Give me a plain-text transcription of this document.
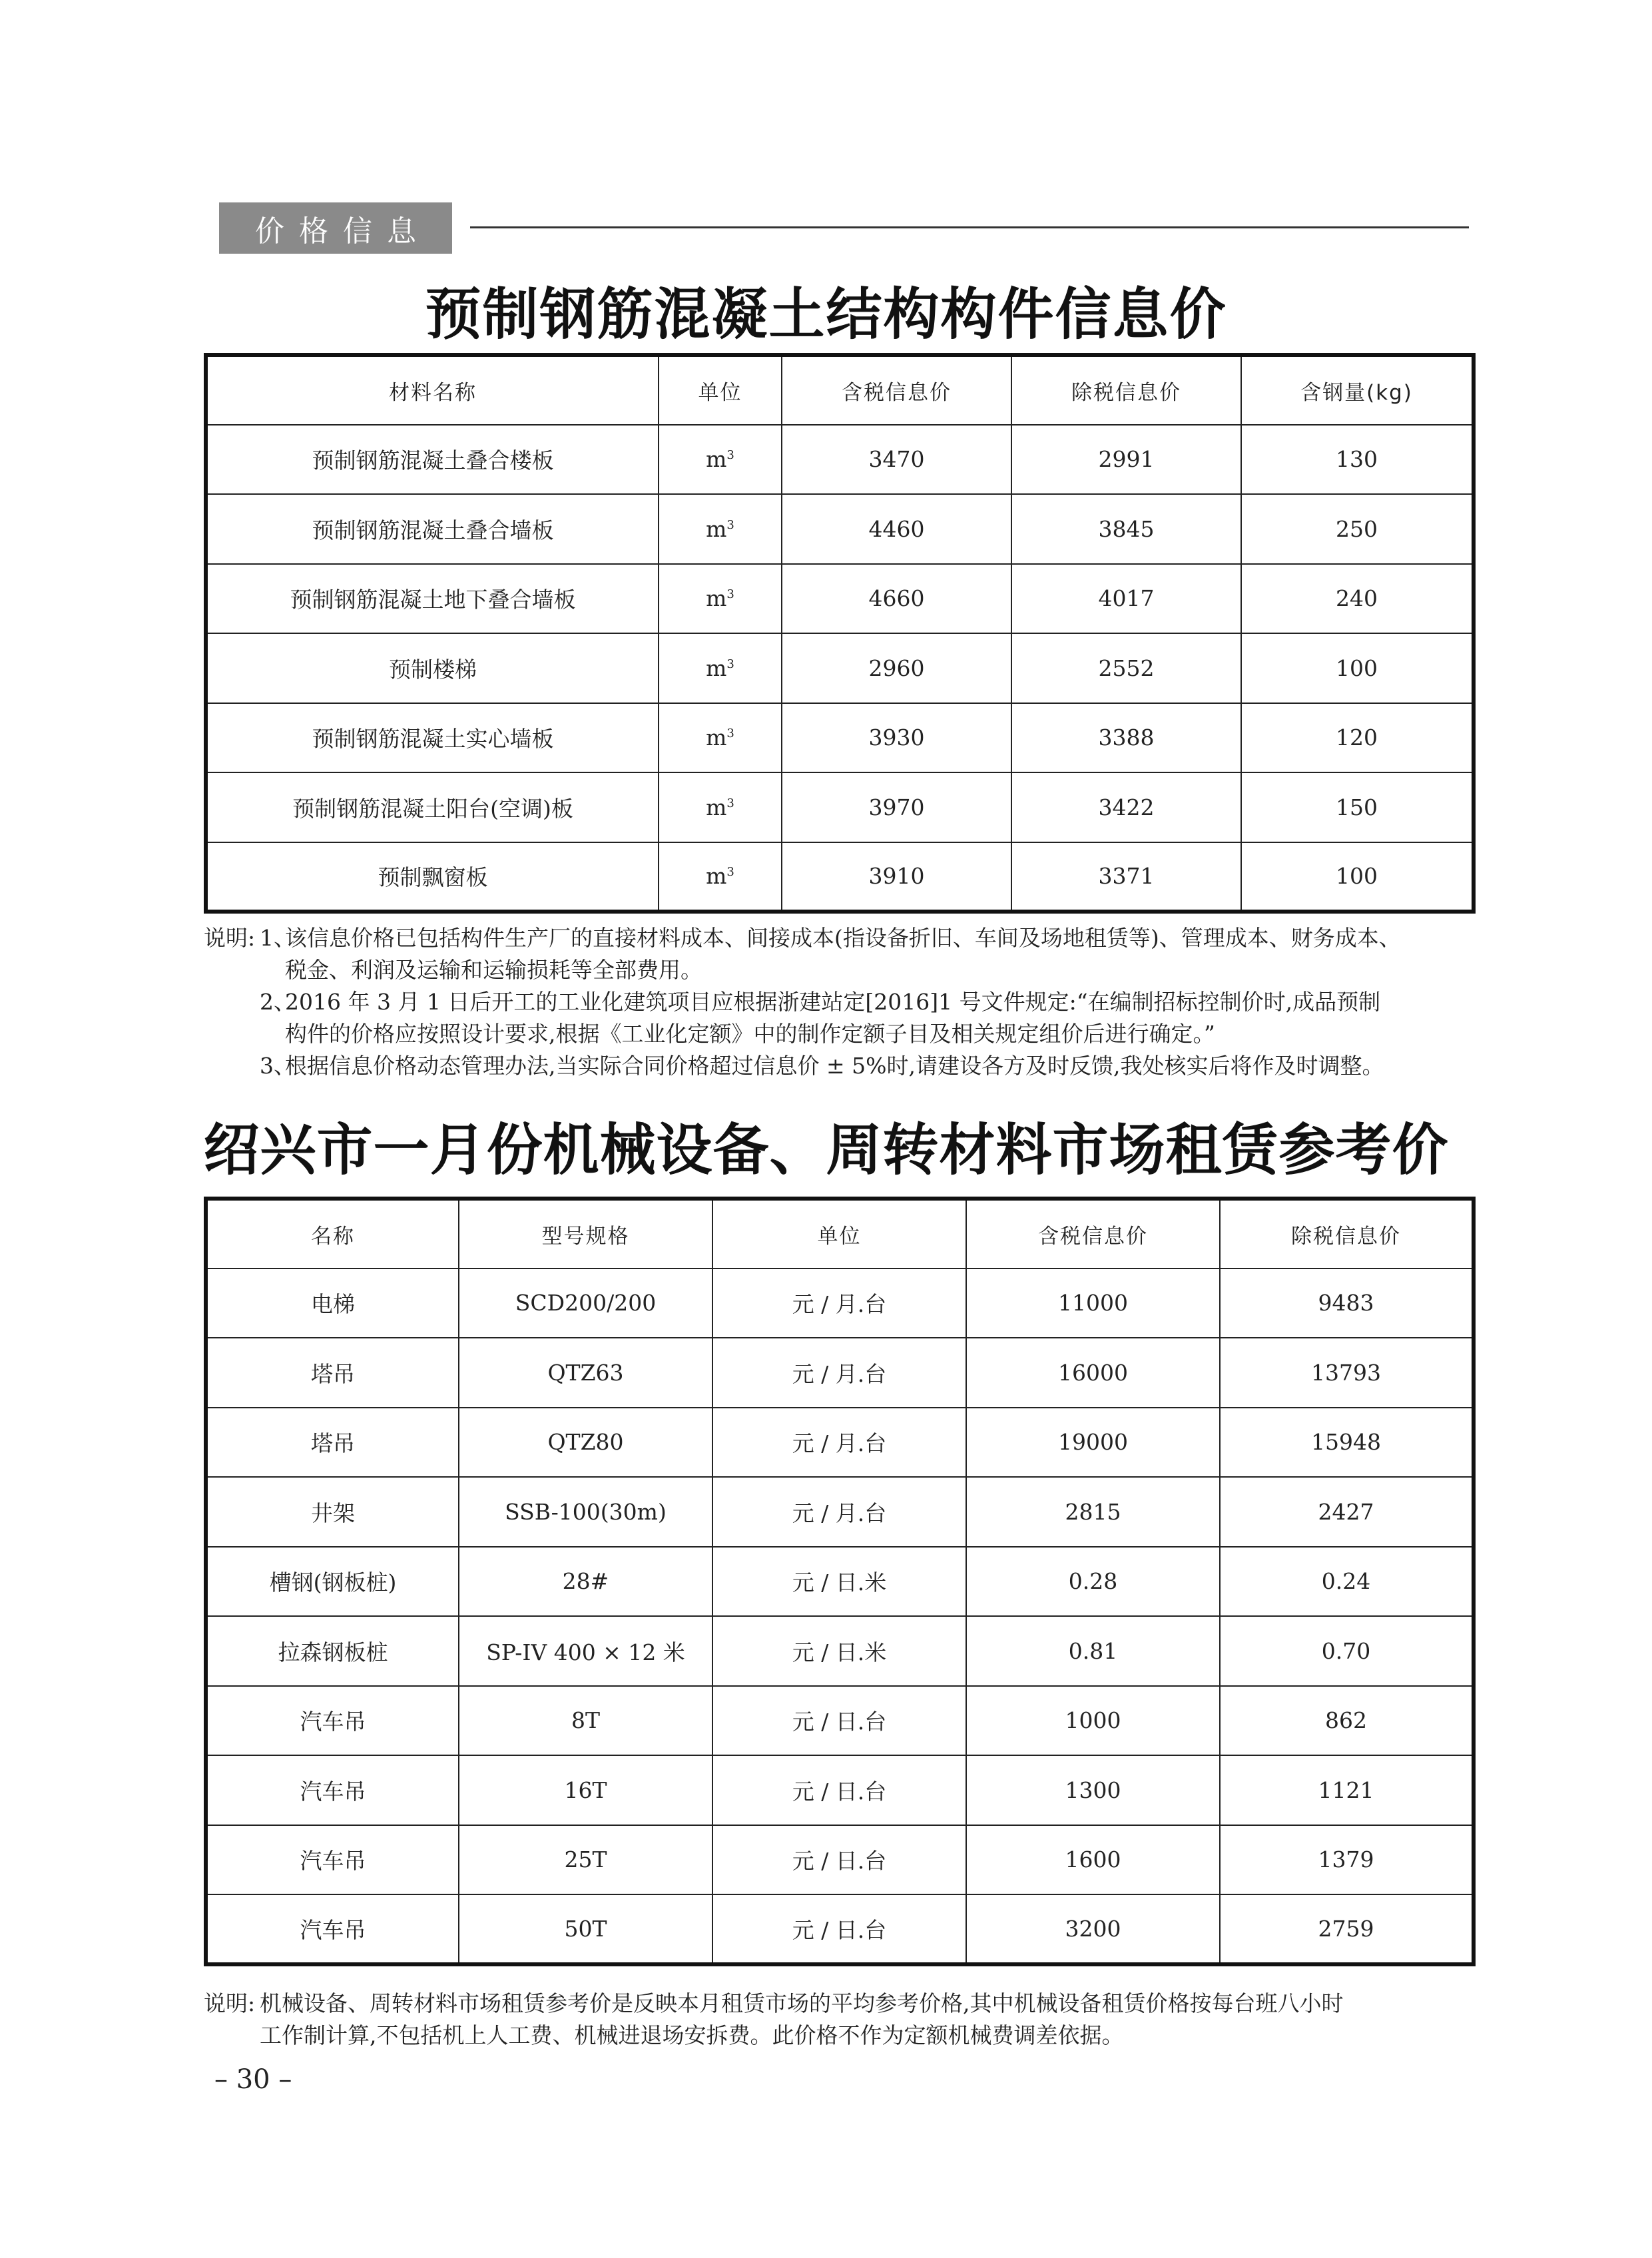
价格信息
预制钢筋混凝土结构构件信息价
材料名称	单位	含税信息价	除税信息价	含钢量(kg)
预制钢筋混凝土叠合楼板	$m^3$	3470	2991	130
预制钢筋混凝土叠合墙板	$m^3$	4460	3845	250
预制钢筋混凝土地下叠合墙板	$m^3$	4660	4017	240
预制楼梯	$m^3$	2960	2552	100
预制钢筋混凝土实心墙板	$m^3$	3930	3388	120
预制钢筋混凝土阳台(空调)板	$m^3$	3970	3422	150
预制飘窗板	$m^3$	3910	3371	100
说明: 1、
该信息价格已包括构件生产厂的直接材料成本、间接成本(指设备折旧、车间及场地租赁等)、管理成本、财务成本、
税金、利润及运输和运输损耗等全部费用。
2、
2016 年 3 月 1 日后开工的工业化建筑项目应根据浙建站定[2016]1 号文件规定:“在编制招标控制价时,成品预制
构件的价格应按照设计要求,根据《工业化定额》中的制作定额子目及相关规定组价后进行确定。”
3、
根据信息价格动态管理办法,当实际合同价格超过信息价 ± 5%时,请建设各方及时反馈,我处核实后将作及时调整。
绍兴市一月份机械设备、周转材料市场租赁参考价
名称	型号规格	单位	含税信息价	除税信息价
电梯	SCD200/200	元 / 月.台	11000	9483
塔吊	QTZ63	元 / 月.台	16000	13793
塔吊	QTZ80	元 / 月.台	19000	15948
井架	SSB-100(30m)	元 / 月.台	2815	2427
槽钢(钢板桩)	28#	元 / 日.米	0.28	0.24
拉森钢板桩	SP-IV 400 × 12 米	元 / 日.米	0.81	0.70
汽车吊	8T	元 / 日.台	1000	862
汽车吊	16T	元 / 日.台	1300	1121
汽车吊	25T	元 / 日.台	1600	1379
汽车吊	50T	元 / 日.台	3200	2759
说明: 机械设备、周转材料市场租赁参考价是反映本月租赁市场的平均参考价格,其中机械设备租赁价格按每台班八小时
工作制计算,不包括机上人工费、机械进退场安拆费。此价格不作为定额机械费调差依据。
– 30 –
